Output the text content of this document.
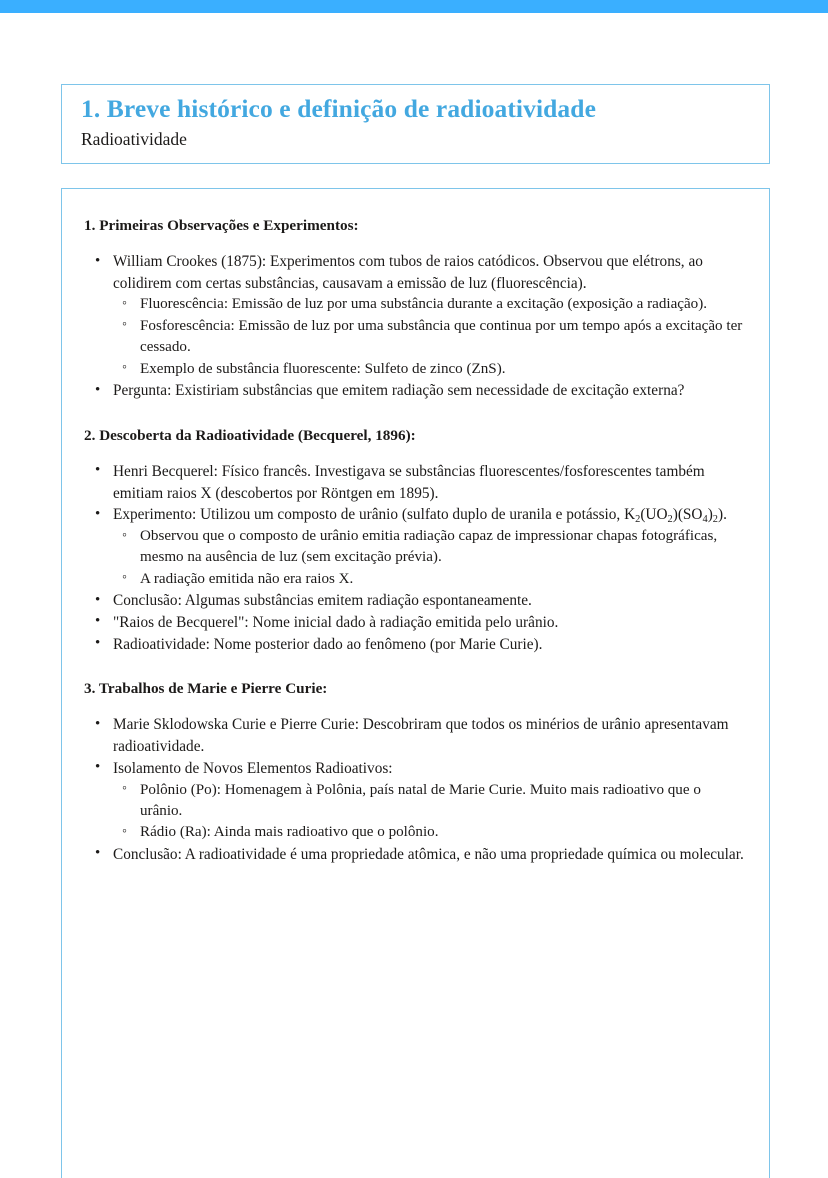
1. Breve histórico e definição de radioatividade
Radioatividade
1. Primeiras Observações e Experimentos:
• William Crookes (1875): Experimentos com tubos de raios catódicos. Observou que elétrons, ao colidirem com certas substâncias, causavam a emissão de luz (fluorescência).
◦ Fluorescência: Emissão de luz por uma substância durante a excitação (exposição a radiação).
◦ Fosforescência: Emissão de luz por uma substância que continua por um tempo após a excitação ter cessado.
◦ Exemplo de substância fluorescente: Sulfeto de zinco (ZnS).
• Pergunta: Existiriam substâncias que emitem radiação sem necessidade de excitação externa?
2. Descoberta da Radioatividade (Becquerel, 1896):
• Henri Becquerel: Físico francês. Investigava se substâncias fluorescentes/fosforescentes também emitiam raios X (descobertos por Röntgen em 1895).
• Experimento: Utilizou um composto de urânio (sulfato duplo de uranila e potássio, $K_2(UO_2)(SO_4)_2$).
◦ Observou que o composto de urânio emitia radiação capaz de impressionar chapas fotográficas, mesmo na ausência de luz (sem excitação prévia).
◦ A radiação emitida não era raios X.
• Conclusão: Algumas substâncias emitem radiação espontaneamente.
• "Raios de Becquerel": Nome inicial dado à radiação emitida pelo urânio.
• Radioatividade: Nome posterior dado ao fenômeno (por Marie Curie).
3. Trabalhos de Marie e Pierre Curie:
• Marie Sklodowska Curie e Pierre Curie: Descobriram que todos os minérios de urânio apresentavam radioatividade.
• Isolamento de Novos Elementos Radioativos:
◦ Polônio (Po): Homenagem à Polônia, país natal de Marie Curie. Muito mais radioativo que o urânio.
◦ Rádio (Ra): Ainda mais radioativo que o polônio.
• Conclusão: A radioatividade é uma propriedade atômica, e não uma propriedade química ou molecular.
